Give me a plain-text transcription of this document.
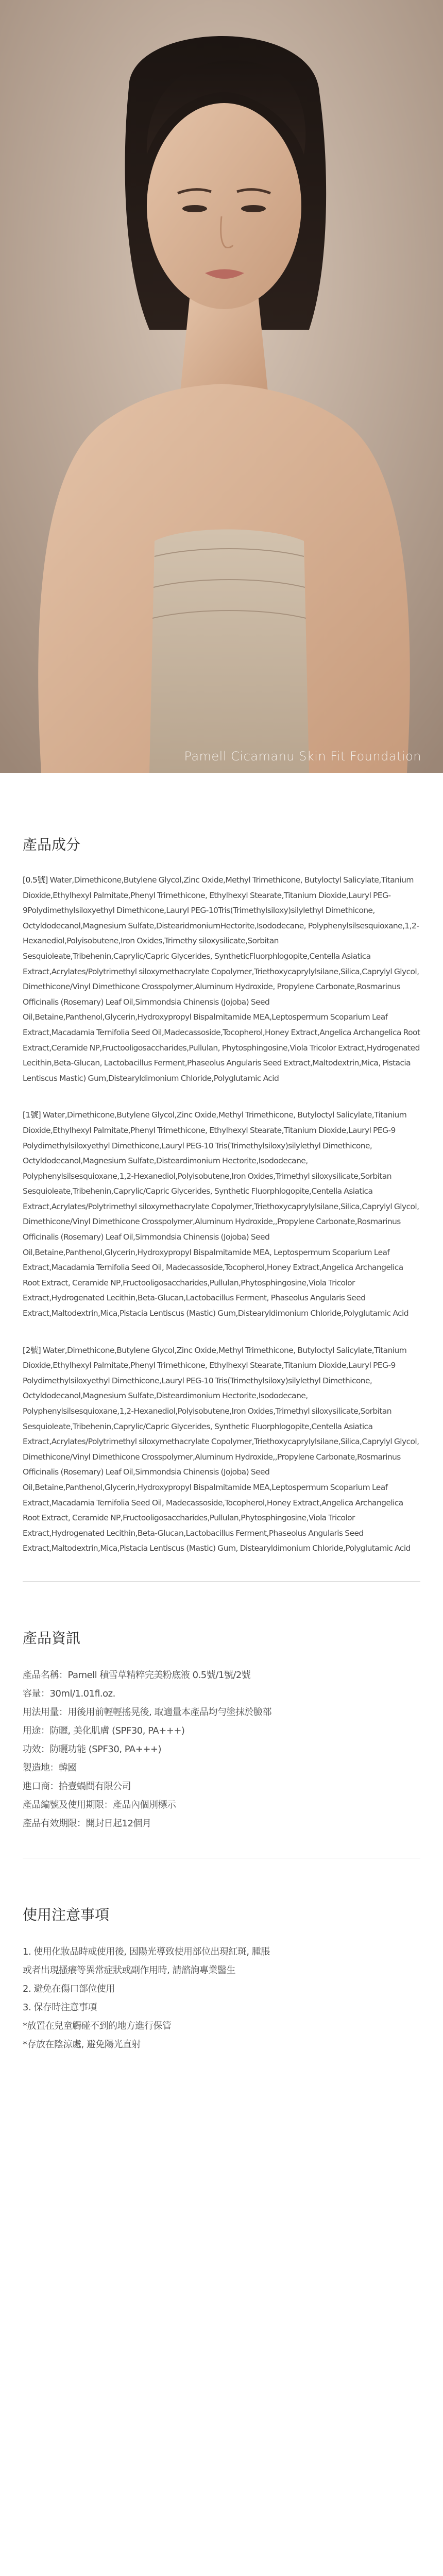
Pamell Cicamanu Skin Fit Foundation
產品成分

[0.5號] Water,Dimethicone,Butylene Glycol,Zinc Oxide,Methyl Trimethicone, Butyloctyl Salicylate,Titanium Dioxide,Ethylhexyl Palmitate,Phenyl Trimethicone, Ethylhexyl Stearate,Titanium Dioxide,Lauryl PEG-9Polydimethylsiloxyethyl Dimethicone,Lauryl PEG-10Tris(Trimethylsiloxy)silylethyl Dimethicone, Octyldodecanol,Magnesium Sulfate,DistearidmoniumHectorite,Isododecane, Polyphenylsilsesquioxane,1,2-Hexanediol,Polyisobutene,Iron Oxides,Trimethy siloxysilicate,Sorbitan Sesquioleate,Tribehenin,Caprylic/Capric Glycerides, SyntheticFluorphlogopite,Centella Asiatica Extract,Acrylates/Polytrimethyl siloxymethacrylate Copolymer,Triethoxycaprylylsilane,Silica,Caprylyl Glycol, Dimethicone/Vinyl Dimethicone Crosspolymer,Aluminum Hydroxide, Propylene Carbonate,Rosmarinus Officinalis (Rosemary) Leaf Oil,Simmondsia Chinensis (Jojoba) Seed Oil,Betaine,Panthenol,Glycerin,Hydroxypropyl Bispalmitamide MEA,Leptospermum Scoparium Leaf Extract,Macadamia Ternifolia Seed Oil,Madecassoside,Tocopherol,Honey Extract,Angelica Archangelica Root Extract,Ceramide NP,Fructooligosaccharides,Pullulan, Phytosphingosine,Viola Tricolor Extract,Hydrogenated Lecithin,Beta-Glucan, Lactobacillus Ferment,Phaseolus Angularis Seed Extract,Maltodextrin,Mica, Pistacia Lentiscus Mastic) Gum,Distearyldimonium Chloride,Polyglutamic Acid

[1號] Water,Dimethicone,Butylene Glycol,Zinc Oxide,Methyl Trimethicone, Butyloctyl Salicylate,Titanium Dioxide,Ethylhexyl Palmitate,Phenyl Trimethicone, Ethylhexyl Stearate,Titanium Dioxide,Lauryl PEG-9 Polydimethylsiloxyethyl Dimethicone,Lauryl PEG-10 Tris(Trimethylsiloxy)silylethyl Dimethicone, Octyldodecanol,Magnesium Sulfate,Disteardimonium Hectorite,Isododecane, Polyphenylsilsesquioxane,1,2-Hexanediol,Polyisobutene,Iron Oxides,Trimethyl siloxysilicate,Sorbitan Sesquioleate,Tribehenin,Caprylic/Capric Glycerides, Synthetic Fluorphlogopite,Centella Asiatica Extract,Acrylates/Polytrimethyl siloxymethacrylate Copolymer,Triethoxycaprylylsilane,Silica,Caprylyl Glycol, Dimethicone/Vinyl Dimethicone Crosspolymer,Aluminum Hydroxide,,Propylene Carbonate,Rosmarinus Officinalis (Rosemary) Leaf Oil,Simmondsia Chinensis (Jojoba) Seed Oil,Betaine,Panthenol,Glycerin,Hydroxypropyl Bispalmitamide MEA, Leptospermum Scoparium Leaf Extract,Macadamia Ternifolia Seed Oil, Madecassoside,Tocopherol,Honey Extract,Angelica Archangelica Root Extract, Ceramide NP,Fructooligosaccharides,Pullulan,Phytosphingosine,Viola Tricolor Extract,Hydrogenated Lecithin,Beta-Glucan,Lactobacillus Ferment, Phaseolus Angularis Seed Extract,Maltodextrin,Mica,Pistacia Lentiscus (Mastic) Gum,Distearyldimonium Chloride,Polyglutamic Acid

[2號] Water,Dimethicone,Butylene Glycol,Zinc Oxide,Methyl Trimethicone, Butyloctyl Salicylate,Titanium Dioxide,Ethylhexyl Palmitate,Phenyl Trimethicone, Ethylhexyl Stearate,Titanium Dioxide,Lauryl PEG-9 Polydimethylsiloxyethyl Dimethicone,Lauryl PEG-10 Tris(Trimethylsiloxy)silylethyl Dimethicone, Octyldodecanol,Magnesium Sulfate,Disteardimonium Hectorite,Isododecane, Polyphenylsilsesquioxane,1,2-Hexanediol,Polyisobutene,Iron Oxides,Trimethyl siloxysilicate,Sorbitan Sesquioleate,Tribehenin,Caprylic/Capric Glycerides, Synthetic Fluorphlogopite,Centella Asiatica Extract,Acrylates/Polytrimethyl siloxymethacrylate Copolymer,Triethoxycaprylylsilane,Silica,Caprylyl Glycol, Dimethicone/Vinyl Dimethicone Crosspolymer,Aluminum Hydroxide,,Propylene Carbonate,Rosmarinus Officinalis (Rosemary) Leaf Oil,Simmondsia Chinensis (Jojoba) Seed Oil,Betaine,Panthenol,Glycerin,Hydroxypropyl Bispalmitamide MEA,Leptospermum Scoparium Leaf Extract,Macadamia Ternifolia Seed Oil, Madecassoside,Tocopherol,Honey Extract,Angelica Archangelica Root Extract, Ceramide NP,Fructooligosaccharides,Pullulan,Phytosphingosine,Viola Tricolor Extract,Hydrogenated Lecithin,Beta-Glucan,Lactobacillus Ferment,Phaseolus Angularis Seed Extract,Maltodextrin,Mica,Pistacia Lentiscus (Mastic) Gum, Distearyldimonium Chloride,Polyglutamic Acid

產品資訊
產品名稱：Pamell 積雪草精粹完美粉底液 0.5號/1號/2號
容量：30ml/1.01fl.oz.
用法用量：用後用前輕輕搖晃後, 取適量本產品均勻塗抹於臉部
用途：防曬, 美化肌膚 (SPF30, PA+++)
功效：防曬功能 (SPF30, PA+++)
製造地：韓國
進口商：拾壹蝸間有限公司
產品編號及使用期限：產品內個別標示
產品有效期限：開封日起12個月
使用注意事項
1. 使用化妝品時或使用後, 因陽光導致使用部位出現紅斑, 腫脹
或者出現搔癢等異常症狀或副作用時, 請諮詢專業醫生
2. 避免在傷口部位使用
3. 保存時注意事項
*放置在兒童觸碰不到的地方進行保管
*存放在陰涼處, 避免陽光直射
